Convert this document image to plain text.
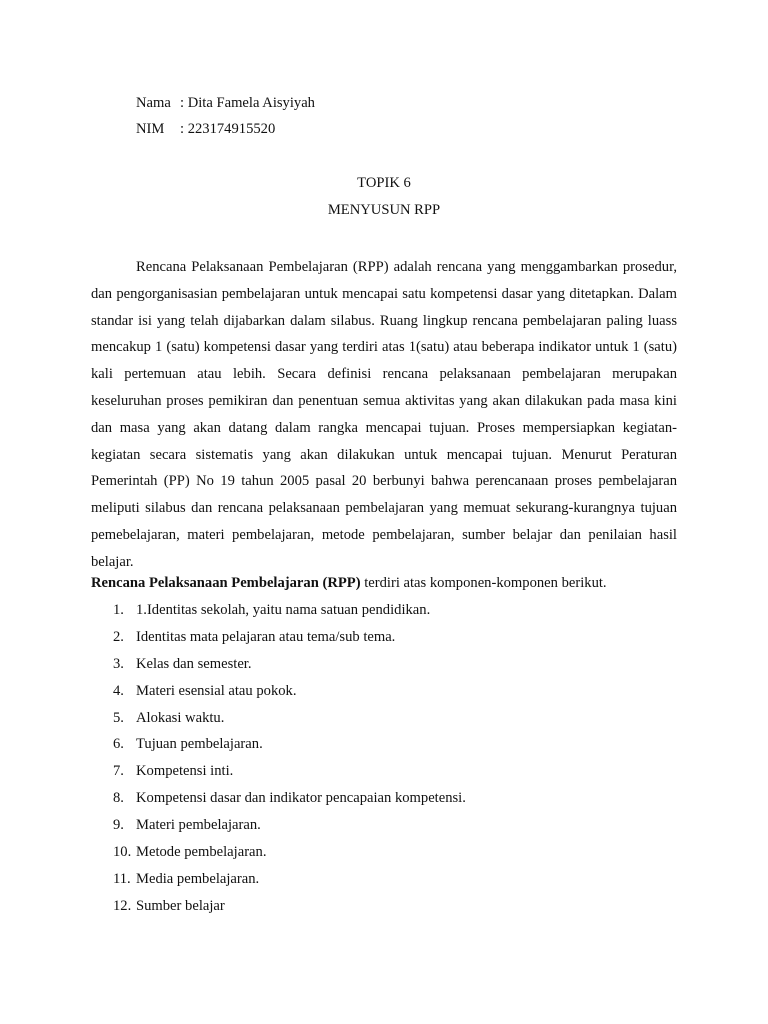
Nama : Dita Famela Aisyiyah
NIM : 223174915520
TOPIK 6
MENYUSUN RPP

Rencana Pelaksanaan Pembelajaran (RPP) adalah rencana yang menggambarkan prosedur, dan pengorganisasian pembelajaran untuk mencapai satu kompetensi dasar yang ditetapkan. Dalam standar isi yang telah dijabarkan dalam silabus. Ruang lingkup rencana pembelajaran paling luass mencakup 1 (satu) kompetensi dasar yang terdiri atas 1(satu) atau beberapa indikator untuk 1 (satu) kali pertemuan atau lebih. Secara definisi rencana pelaksanaan pembelajaran merupakan keseluruhan proses pemikiran dan penentuan semua aktivitas yang akan dilakukan pada masa kini dan masa yang akan datang dalam rangka mencapai tujuan. Proses mempersiapkan kegiatan-kegiatan secara sistematis yang akan dilakukan untuk mencapai tujuan. Menurut Peraturan Pemerintah (PP) No 19 tahun 2005 pasal 20 berbunyi bahwa perencanaan proses pembelajaran meliputi silabus dan rencana pelaksanaan pembelajaran yang memuat sekurang-kurangnya tujuan pemebelajaran, materi pembelajaran, metode pembelajaran, sumber belajar dan penilaian hasil belajar.

Rencana Pelaksanaan Pembelajaran (RPP) terdiri atas komponen-komponen berikut.
1. 1.Identitas sekolah, yaitu nama satuan pendidikan.
2. Identitas mata pelajaran atau tema/sub tema.
3. Kelas dan semester.
4. Materi esensial atau pokok.
5. Alokasi waktu.
6. Tujuan pembelajaran.
7. Kompetensi inti.
8. Kompetensi dasar dan indikator pencapaian kompetensi.
9. Materi pembelajaran.
10. Metode pembelajaran.
11. Media pembelajaran.
12. Sumber belajar
